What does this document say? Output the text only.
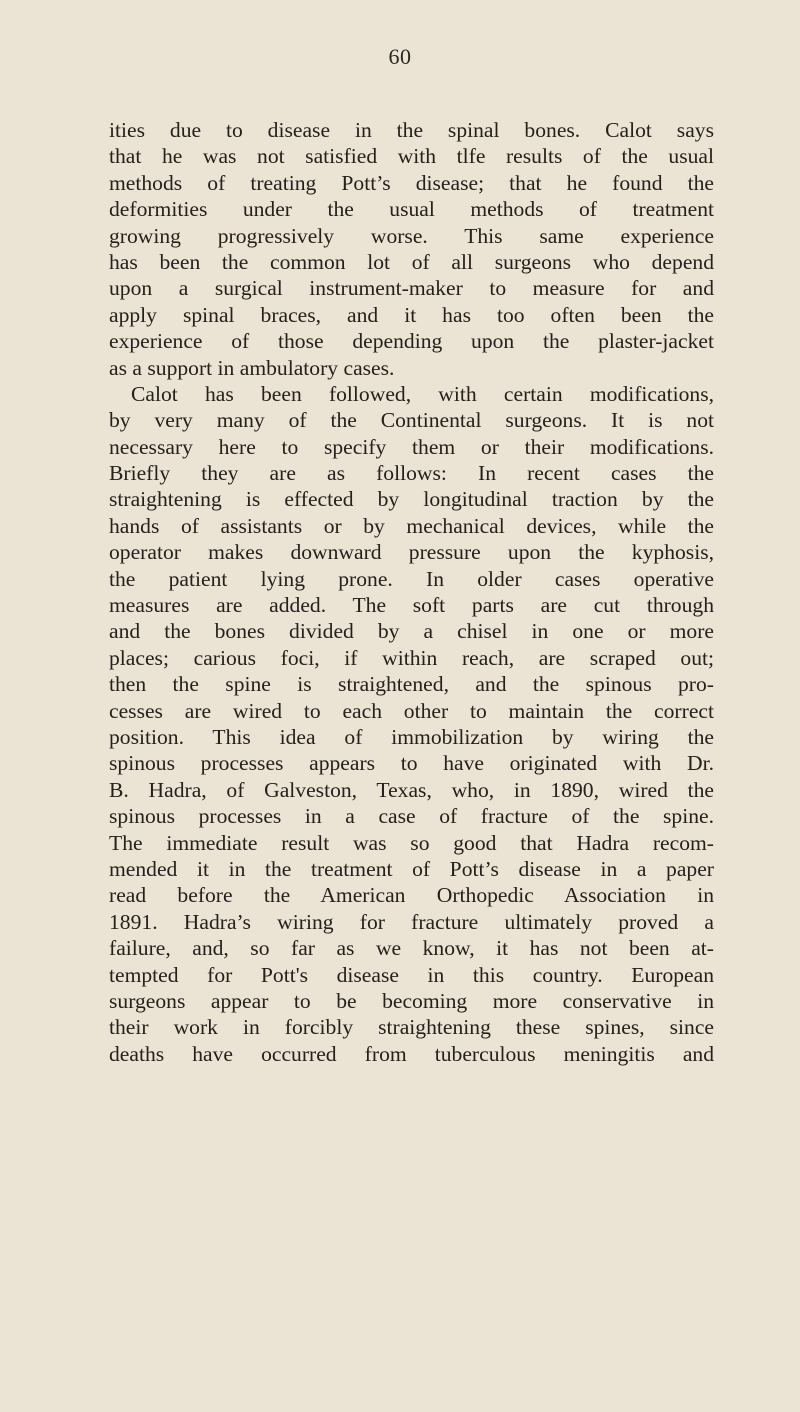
60
ities due to disease in the spinal bones. Calot says
that he was not satisfied with tlfe results of the usual
methods of treating Pott’s disease; that he found the
deformities under the usual methods of treatment
growing progressively worse. This same experience
has been the common lot of all surgeons who depend
upon a surgical instrument-maker to measure for and
apply spinal braces, and it has too often been the
experience of those depending upon the plaster-jacket
as a support in ambulatory cases.
Calot has been followed, with certain modifications,
by very many of the Continental surgeons. It is not
necessary here to specify them or their modifications.
Briefly they are as follows: In recent cases the
straightening is effected by longitudinal traction by the
hands of assistants or by mechanical devices, while the
operator makes downward pressure upon the kyphosis,
the patient lying prone. In older cases operative
measures are added. The soft parts are cut through
and the bones divided by a chisel in one or more
places; carious foci, if within reach, are scraped out;
then the spine is straightened, and the spinous pro-
cesses are wired to each other to maintain the correct
position. This idea of immobilization by wiring the
spinous processes appears to have originated with Dr.
B. Hadra, of Galveston, Texas, who, in 1890, wired the
spinous processes in a case of fracture of the spine.
The immediate result was so good that Hadra recom-
mended it in the treatment of Pott’s disease in a paper
read before the American Orthopedic Association in
1891. Hadra’s wiring for fracture ultimately proved a
failure, and, so far as we know, it has not been at-
tempted for Pott's disease in this country. European
surgeons appear to be becoming more conservative in
their work in forcibly straightening these spines, since
deaths have occurred from tuberculous meningitis and
